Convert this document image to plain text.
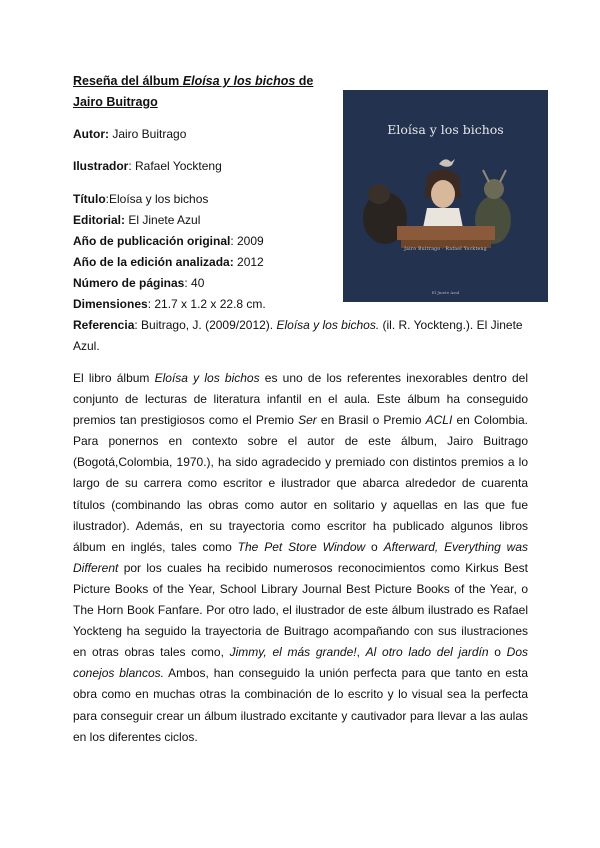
Reseña del álbum Eloísa y los bichos de
Jairo Buitrago
Autor: Jairo Buitrago
Ilustrador: Rafael Yockteng
Título:Eloísa y los bichos
Editorial: El Jinete Azul
Año de publicación original: 2009
Año de la edición analizada: 2012
Número de páginas: 40
Dimensiones: 21.7 x 1.2 x 22.8 cm.
Referencia: Buitrago, J. (2009/2012). Eloísa y los bichos. (il. R. Yockteng.). El Jinete Azul.
El libro álbum Eloísa y los bichos es uno de los referentes inexorables dentro del conjunto de lecturas de literatura infantil en el aula. Este álbum ha conseguido premios tan prestigiosos como el Premio Ser en Brasil o Premio ACLI en Colombia. Para ponernos en contexto sobre el autor de este álbum, Jairo Buitrago (Bogotá,Colombia, 1970.), ha sido agradecido y premiado con distintos premios a lo largo de su carrera como escritor e ilustrador que abarca alrededor de cuarenta títulos (combinando las obras como autor en solitario y aquellas en las que fue ilustrador). Además, en su trayectoria como escritor ha publicado algunos libros álbum en inglés, tales como The Pet Store Window o Afterward, Everything was Different por los cuales ha recibido numerosos reconocimientos como Kirkus Best Picture Books of the Year, School Library Journal Best Picture Books of the Year, o The Horn Book Fanfare. Por otro lado, el ilustrador de este álbum ilustrado es Rafael Yockteng ha seguido la trayectoria de Buitrago acompañando con sus ilustraciones en otras obras tales como, Jimmy, el más grande!, Al otro lado del jardín o Dos conejos blancos. Ambos, han conseguido la unión perfecta para que tanto en esta obra como en muchas otras la combinación de lo escrito y lo visual sea la perfecta para conseguir crear un álbum ilustrado excitante y cautivador para llevar a las aulas en los diferentes ciclos.
Eloísa y los bichos
Jairo Buitrago · Rafael Yockteng
El Jinete Azul
